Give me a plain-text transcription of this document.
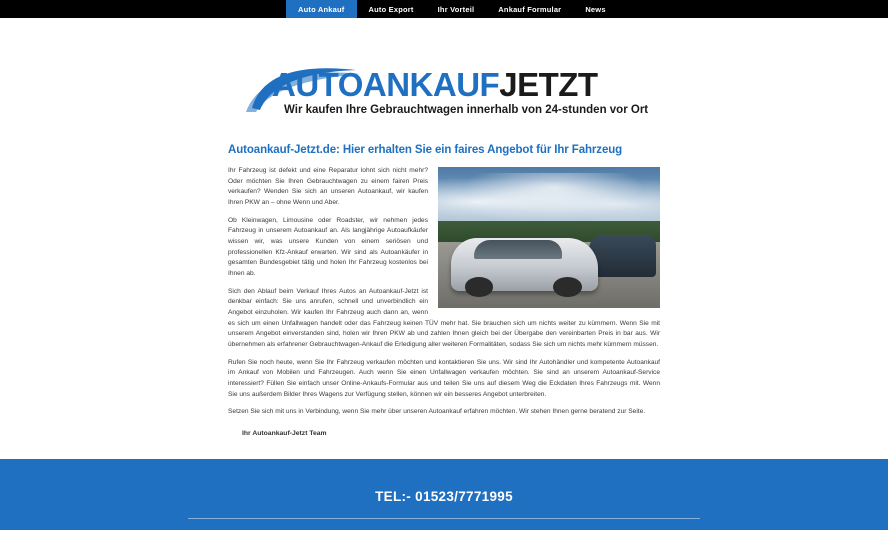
Auto Ankauf	Auto Export	Ihr Vorteil	Ankauf Formular	News
AUTOANKAUFJETZT
Wir kaufen Ihre Gebrauchtwagen innerhalb von 24-stunden vor Ort
Autoankauf-Jetzt.de: Hier erhalten Sie ein faires Angebot für Ihr Fahrzeug

Ihr Fahrzeug ist defekt und eine Reparatur lohnt sich nicht mehr? Oder möchten Sie Ihren Gebrauchtwagen zu einem fairen Preis verkaufen? Wenden Sie sich an unseren Autoankauf, wir kaufen Ihren PKW an – ohne Wenn und Aber.

Ob Kleinwagen, Limousine oder Roadster, wir nehmen jedes Fahrzeug in unserem Autoankauf an. Als langjährige Autoaufkäufer wissen wir, was unsere Kunden von einem seriösen und professionellen Kfz-Ankauf erwarten. Wir sind als Autoankäufer in gesamten Bundesgebiet tätig und holen Ihr Fahrzeug kostenlos bei Ihnen ab.

Sich den Ablauf beim Verkauf Ihres Autos an Autoankauf-Jetzt ist denkbar einfach: Sie uns anrufen, schnell und unverbindlich ein Angebot einzuholen. Wir kaufen Ihr Fahrzeug auch dann an, wenn es sich um einen Unfallwagen handelt oder das Fahrzeug keinen TÜV mehr hat. Sie brauchen sich um nichts weiter zu kümmern. Wenn Sie mit unserem Angebot einverstanden sind, holen wir Ihren PKW ab und zahlen Ihnen gleich bei der Übergabe den vereinbarten Preis in bar aus. Wir übernehmen als erfahrener Gebrauchtwagen-Ankauf die Erledigung aller weiteren Formalitäten, sodass Sie sich um nichts mehr kümmern müssen.

Rufen Sie noch heute, wenn Sie Ihr Fahrzeug verkaufen möchten und kontaktieren Sie uns. Wir sind Ihr Autohändler und kompetente Autoankauf im Ankauf von Mobilen und Fahrzeugen. Auch wenn Sie einen Unfallwagen verkaufen möchten. Sie sind an unserem Autoankauf-Service interessiert? Füllen Sie einfach unser Online-Ankaufs-Formular aus und teilen Sie uns auf diesem Weg die Eckdaten Ihres Fahrzeugs mit. Wenn Sie uns außerdem Bilder Ihres Wagens zur Verfügung stellen, können wir ein besseres Angebot unterbreiten.

Setzen Sie sich mit uns in Verbindung, wenn Sie mehr über unseren Autoankauf erfahren möchten. Wir stehen Ihnen gerne beratend zur Seite.

Ihr Autoankauf-Jetzt Team
TEL:- 01523/7771995
Oft angefahrene Städte von autoankauf-jetzt.de
